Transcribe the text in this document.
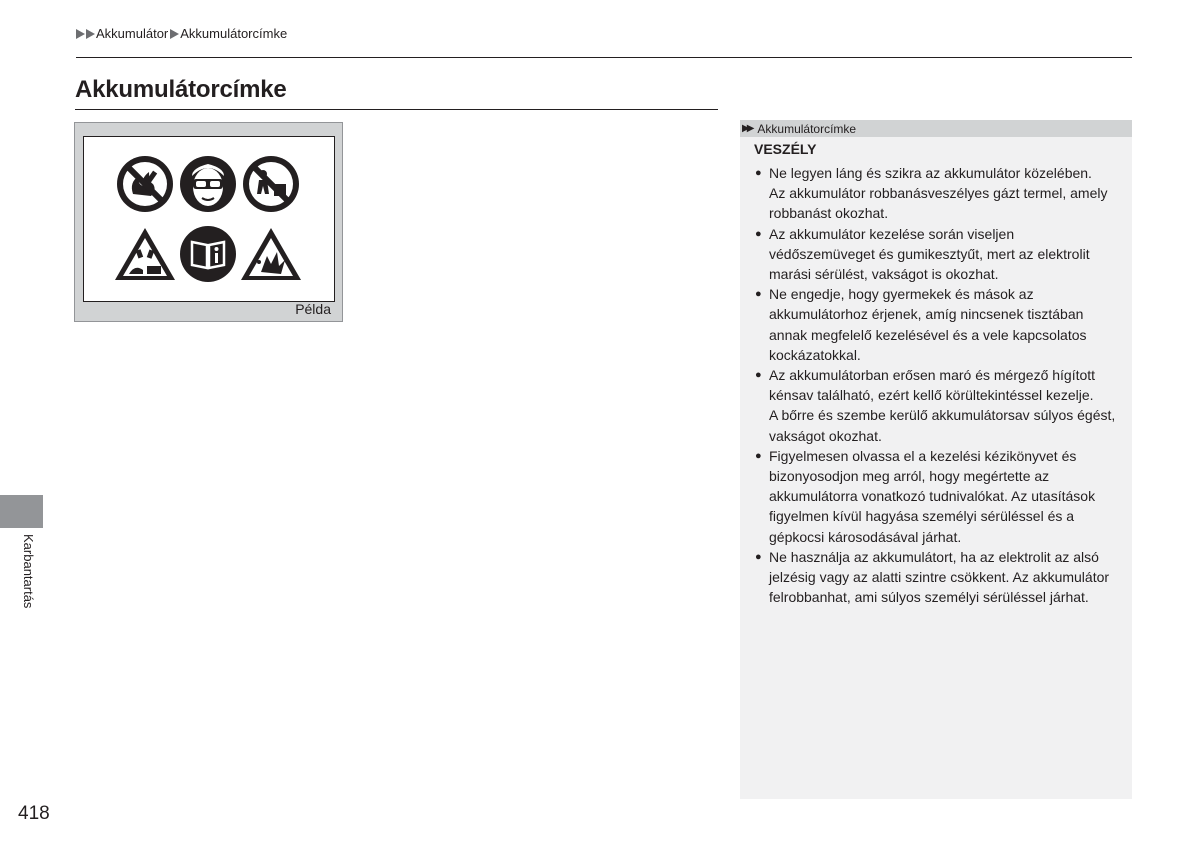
Akkumulátor Akkumulátorcímke
Akkumulátorcímke
Példa
▶▶ Akkumulátorcímke
VESZÉLY
● Ne legyen láng és szikra az akkumulátor közelében.
Az akkumulátor robbanásveszélyes gázt termel, amely
robbanást okozhat.
● Az akkumulátor kezelése során viseljen
védőszemüveget és gumikesztyűt, mert az elektrolit
marási sérülést, vakságot is okozhat.
● Ne engedje, hogy gyermekek és mások az
akkumulátorhoz érjenek, amíg nincsenek tisztában
annak megfelelő kezelésével és a vele kapcsolatos
kockázatokkal.
● Az akkumulátorban erősen maró és mérgező hígított
kénsav található, ezért kellő körültekintéssel kezelje.
A bőrre és szembe kerülő akkumulátorsav súlyos égést,
vakságot okozhat.
● Figyelmesen olvassa el a kezelési kézikönyvet és
bizonyosodjon meg arról, hogy megértette az
akkumulátorra vonatkozó tudnivalókat. Az utasítások
figyelmen kívül hagyása személyi sérüléssel és a
gépkocsi károsodásával járhat.
● Ne használja az akkumulátort, ha az elektrolit az alsó
jelzésig vagy az alatti szintre csökkent. Az akkumulátor
felrobbanhat, ami súlyos személyi sérüléssel járhat.
Karbantartás
418
